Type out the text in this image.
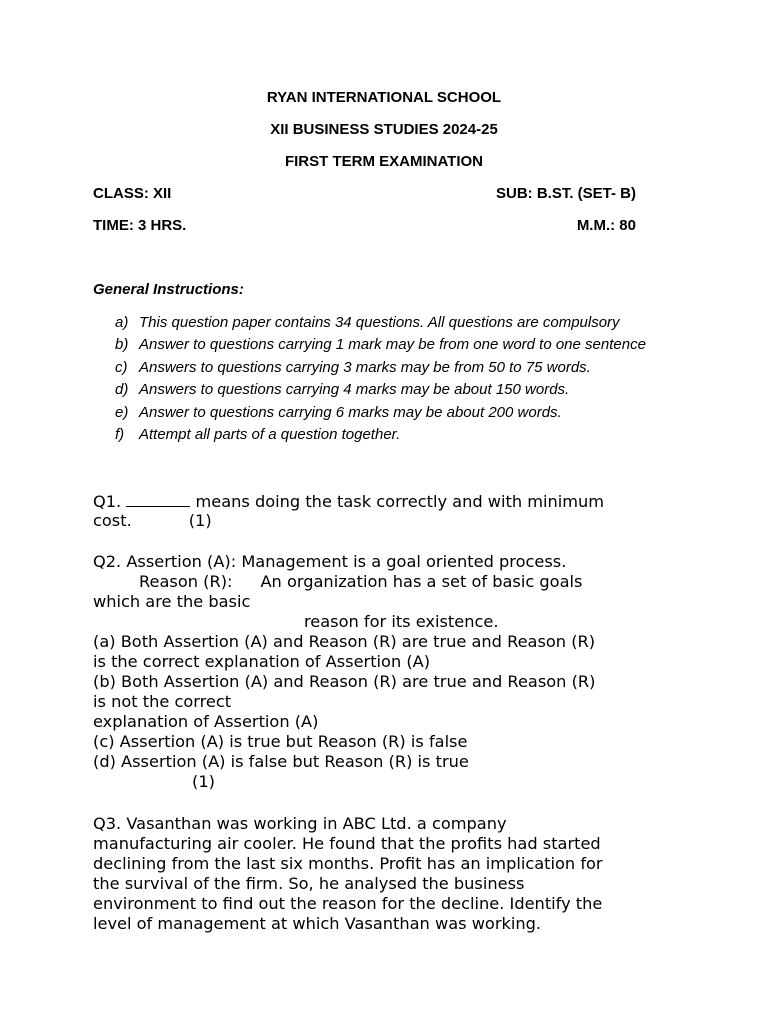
RYAN INTERNATIONAL SCHOOL
XII BUSINESS STUDIES 2024-25
FIRST TERM EXAMINATION
CLASS: XII	SUB: B.ST. (SET- B)
TIME: 3 HRS.	M.M.: 80
General Instructions:
a) This question paper contains 34 questions. All questions are compulsory
b) Answer to questions carrying 1 mark may be from one word to one sentence
c) Answers to questions carrying 3 marks may be from 50 to 75 words.
d) Answers to questions carrying 4 marks may be about 150 words.
e) Answer to questions carrying 6 marks may be about 200 words.
f) Attempt all parts of a question together.
Q1.	means doing the task correctly and with minimum
cost.	(1)
Q2. Assertion (A): Management is a goal oriented process.
Reason (R): An organization has a set of basic goals
which are the basic
reason for its existence.
(a) Both Assertion (A) and Reason (R) are true and Reason (R)
is the correct explanation of Assertion (A)
(b) Both Assertion (A) and Reason (R) are true and Reason (R)
is not the correct
explanation of Assertion (A)
(c) Assertion (A) is true but Reason (R) is false
(d) Assertion (A) is false but Reason (R) is true
(1)
Q3. Vasanthan was working in ABC Ltd. a company
manufacturing air cooler. He found that the profits had started
declining from the last six months. Profit has an implication for
the survival of the firm. So, he analysed the business
environment to find out the reason for the decline. Identify the
level of management at which Vasanthan was working.
